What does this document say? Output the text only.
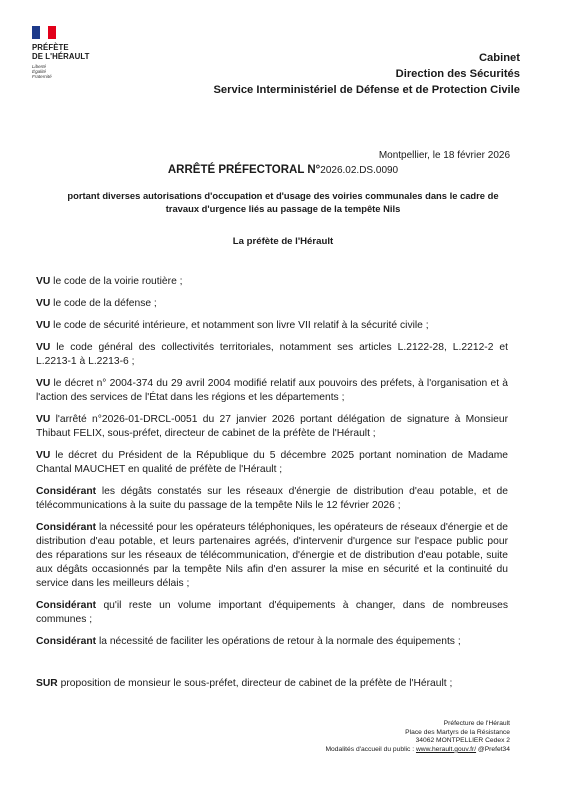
PRÉFÈTE
DE L'HÉRAULT
Liberté
Égalité
Fraternité
Cabinet
Direction des Sécurités
Service Interministériel de Défense et de Protection Civile
Montpellier, le 18 février 2026
ARRÊTÉ PRÉFECTORAL N°2026.02.DS.0090
portant diverses autorisations d'occupation et d'usage des voiries communales dans le cadre de travaux d'urgence liés au passage de la tempête Nils
La préfète de l'Hérault
VU le code de la voirie routière ;
VU le code de la défense ;
VU le code de sécurité intérieure, et notamment son livre VII relatif à la sécurité civile ;
VU le code général des collectivités territoriales, notamment ses articles L.2122-28, L.2212-2 et L.2213-1 à L.2213-6 ;
VU le décret n° 2004-374 du 29 avril 2004 modifié relatif aux pouvoirs des préfets, à l'organisation et à l'action des services de l'État dans les régions et les départements ;
VU l'arrêté n°2026-01-DRCL-0051 du 27 janvier 2026 portant délégation de signature à Monsieur Thibaut FELIX, sous-préfet, directeur de cabinet de la préfète de l'Hérault ;
VU le décret du Président de la République du 5 décembre 2025 portant nomination de Madame Chantal MAUCHET en qualité de préfète de l'Hérault ;
Considérant les dégâts constatés sur les réseaux d'énergie de distribution d'eau potable, et de télécommunications à la suite du passage de la tempête Nils le 12 février 2026 ;
Considérant la nécessité pour les opérateurs téléphoniques, les opérateurs de réseaux d'énergie et de distribution d'eau potable, et leurs partenaires agréés, d'intervenir d'urgence sur l'espace public pour des réparations sur les réseaux de télécommunication, d'énergie et de distribution d'eau potable, suite aux dégâts occasionnés par la tempête Nils afin d'en assurer la mise en sécurité et la continuité du service dans les meilleurs délais ;
Considérant qu'il reste un volume important d'équipements à changer, dans de nombreuses communes ;
Considérant la nécessité de faciliter les opérations de retour à la normale des équipements ;
SUR proposition de monsieur le sous-préfet, directeur de cabinet de la préfète de l'Hérault ;
Préfecture de l'Hérault
Place des Martyrs de la Résistance
34062 MONTPELLIER Cedex 2
Modalités d'accueil du public : www.herault.gouv.fr/ @Prefet34
